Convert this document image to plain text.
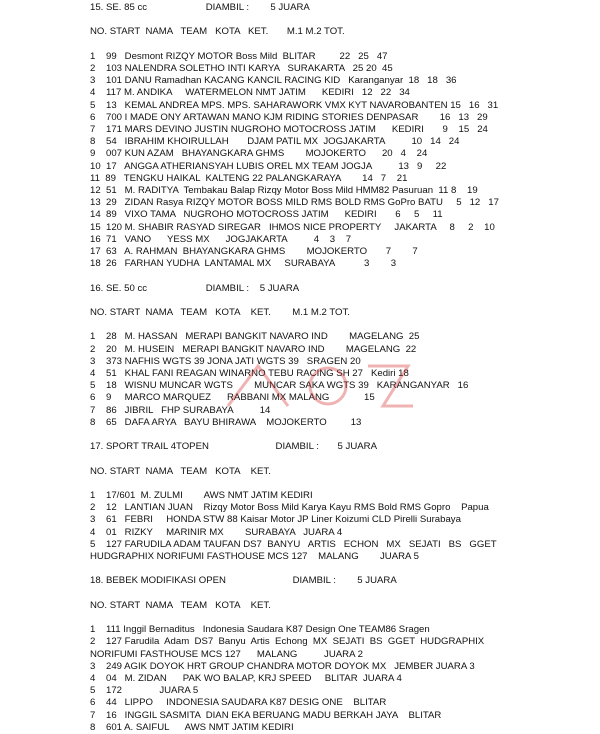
15. SE. 85 cc                      DIAMBIL :        5 JUARA
NO. START  NAMA   TEAM   KOTA   KET.       M.1 M.2 TOT.
1    99   Desmont RIZQY MOTOR Boss Mild  BLITAR         22   25   47
2    103 NALENDRA SOLETHO INTI KARYA   SURAKARTA   25 20  45
3    101 DANU Ramadhan KACANG KANCIL RACING KID   Karanganyar  18   18   36
4    117 M. ANDIKA     WATERMELON NMT JATIM      KEDIRI   12   22   34
5    13   KEMAL ANDREA MPS. MPS. SAHARAWORK VMX KYT NAVAROBANTEN 15   16   31
6    700 I MADE ONY ARTAWAN MANO KJM RIDING STORIES DENPASAR        16   13   29
7    171 MARS DEVINO JUSTIN NUGROHO MOTOCROSS JATIM      KEDIRI       9    15   24
8    54   IBRAHIM KHOIRULLAH       DJAM PATIL MX  JOGJAKARTA          10   14   24
9    007 KUN AZAM   BHAYANGKARA GHMS        MOJOKERTO      20   4    24
10  17   ANGGA ATHERIANSYAH LUBIS OREL MX TEAM JOGJA          13   9     22
11  89   TENGKU HAIKAL  KALTENG 22 PALANGKARAYA        14   7    21
12  51   M. RADITYA  Tembakau Balap Rizqy Motor Boss Mild HMM82 Pasuruan  11 8    19
13  29   ZIDAN Rasya RIZQY MOTOR BOSS MILD RMS BOLD RMS GoPro BATU     5   12   17
14  89   VIXO TAMA   NUGROHO MOTOCROSS JATIM      KEDIRI       6     5     11
15  120 M. SHABIR RASYAD SIREGAR   IHMOS NICE PROPERTY     JAKARTA     8     2    10
16  71   VANO      YESS MX      JOGJAKARTA          4    3    7
17  63   A. RAHMAN  BHAYANGKARA GHMS        MOJOKERTO       7        7
18  26   FARHAN YUDHA  LANTAMAL MX     SURABAYA           3        3
16. SE. 50 cc                      DIAMBIL :    5 JUARA
NO. START  NAMA   TEAM   KOTA    KET.        M.1 M.2 TOT.
1    28   M. HASSAN   MERAPI BANGKIT NAVARO IND        MAGELANG  25
2    20   M. HUSEIN   MERAPI BANGKIT NAVARO IND        MAGELANG  22
3    373 NAFHIS WGTS 39 JONA JATI WGTS 39   SRAGEN 20
4    51   KHAL FANI REAGAN WINARNO TEBU RACING SH 27   Kediri 18
5    18   WISNU MUNCAR WGTS        MUNCAR SAKA WGTS 39   KARANGANYAR   16
6    9     MARCO MARQUEZ      RABBANI MX MALANG             15
7    86   JIBRIL   FHP SURABAYA          14
8    65   DAFA ARYA   BAYU BHIRAWA    MOJOKERTO         13
17. SPORT TRAIL 4TOPEN                         DIAMBIL :       5 JUARA
NO. START  NAMA   TEAM   KOTA    KET.
1    17/601  M. ZULMI        AWS NMT JATIM KEDIRI
2    12   LANTIAN JUAN    Rizqy Motor Boss Mild Karya Kayu RMS Bold RMS Gopro    Papua
3    61   FEBRI     HONDA STW 88 Kaisar Motor JP Liner Koizumi CLD Pirelli Surabaya
4    01   RIZKY     MARINIR MX        SURABAYA   JUARA 4
5    127 FARUDILA ADAM TAUFAN DS7  BANYU   ARTIS   ECHON   MX   SEJATI   BS   GGET
HUDGRAPHIX NORIFUMI FASTHOUSE MCS 127    MALANG        JUARA 5
18. BEBEK MODIFIKASI OPEN                         DIAMBIL :        5 JUARA
NO. START  NAMA   TEAM   KOTA    KET.
1    111 Inggil Bernaditus   Indonesia Saudara K87 Design One TEAM86 Sragen
2    127 Farudila  Adam  DS7  Banyu  Artis  Echong  MX  SEJATI  BS  GGET  HUDGRAPHIX
NORIFUMI FASTHOUSE MCS 127      MALANG          JUARA 2
3    249 AGIK DOYOK HRT GROUP CHANDRA MOTOR DOYOK MX   JEMBER JUARA 3
4    04   M. ZIDAN      PAK WO BALAP, KRJ SPEED     BLITAR  JUARA 4
5    172              JUARA 5
6    44   LIPPO     INDONESIA SAUDARA K87 DESIG ONE    BLITAR
7    16   INGGIL SASMITA  DIAN EKA BERUANG MADU BERKAH JAYA    BLITAR
8    601 A. SAIFUL      AWS NMT JATIM KEDIRI
